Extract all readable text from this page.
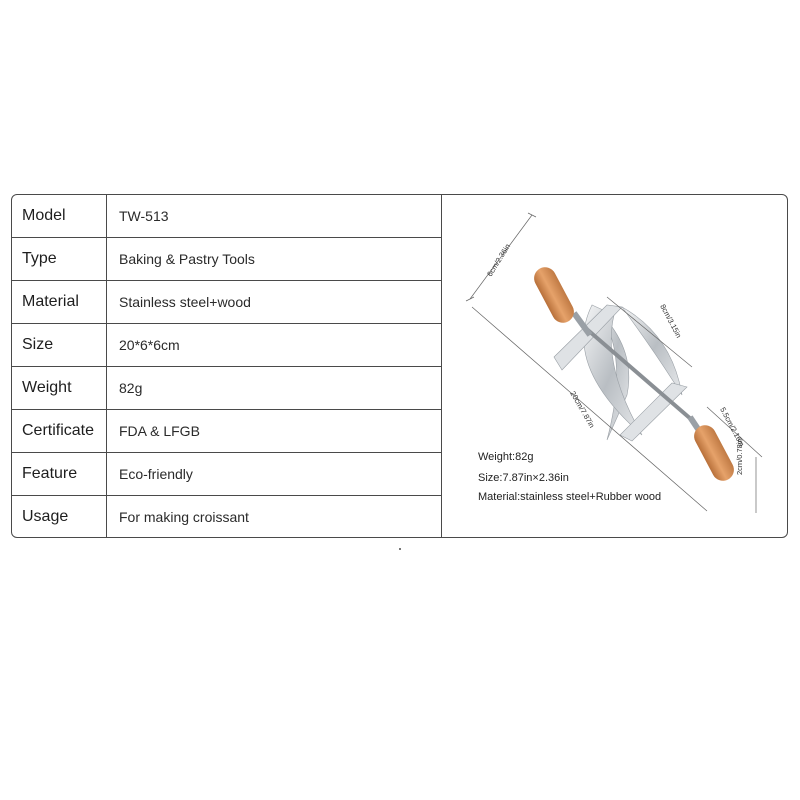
Model	TW-513
Type	Baking & Pastry Tools
Material	Stainless steel+wood
Size	20*6*6cm
Weight	82g
Certificate	FDA & LFGB
Feature	Eco-friendly
Usage	For making croissant
6cm/2.36in
8cm/3.15in
20cm/7.87in	5.5cm/2.16in
2cm/0.78in
Weight:82g
Size:7.87in×2.36in
Material:stainless steel+Rubber wood
